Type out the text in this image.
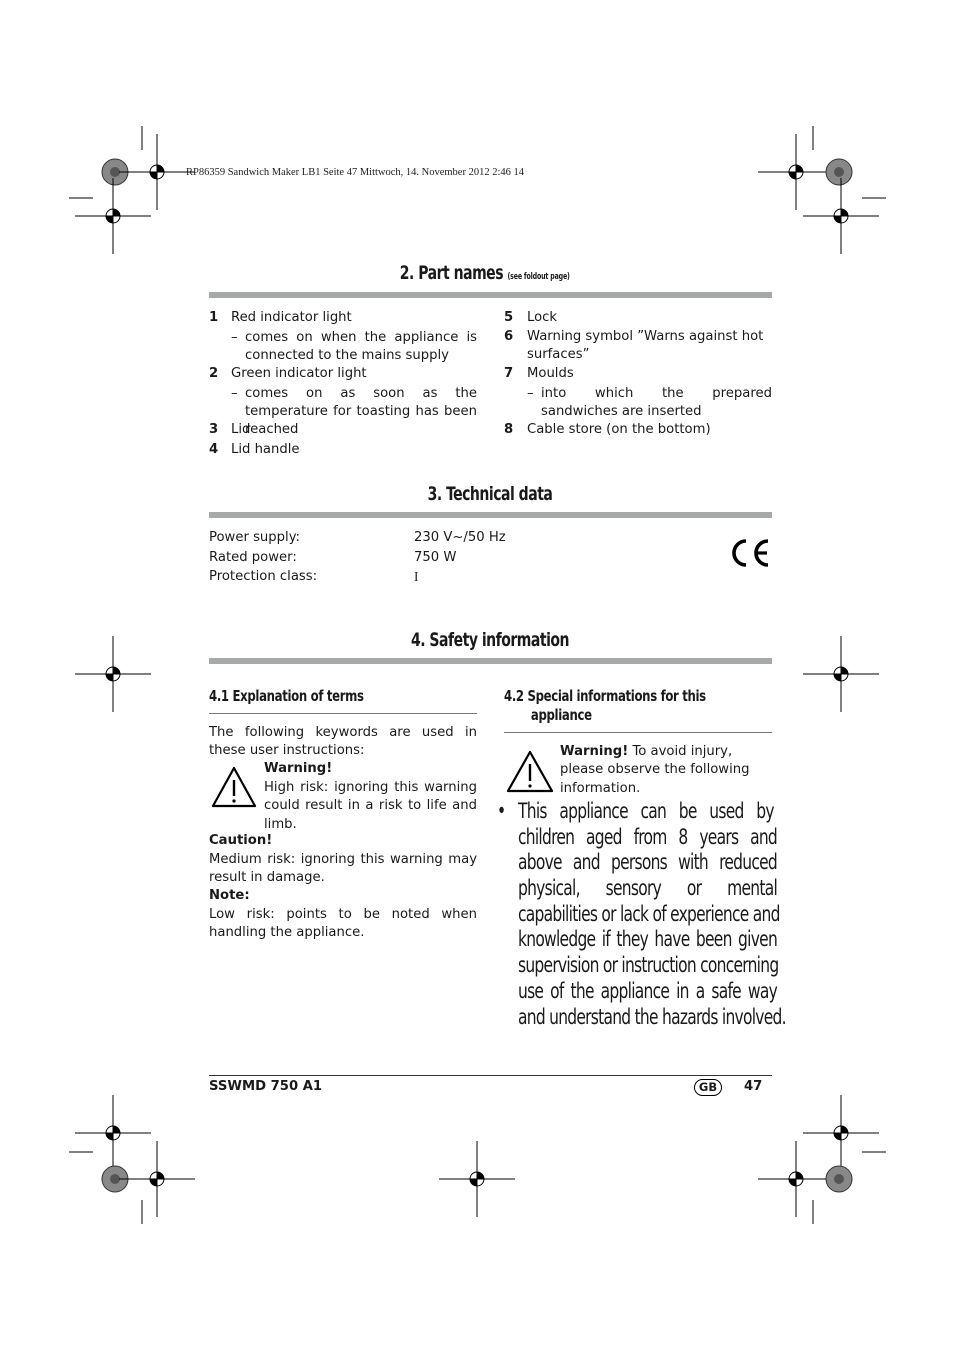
RP86359 Sandwich Maker LB1 Seite 47 Mittwoch, 14. November 2012 2:46 14
2. Part names (see foldout page)
1 Red indicator light
– comes on when the appliance is connected to the mains supply
2 Green indicator light
– comes on as soon as the temperature for toasting has been reached
3 Lid
4 Lid handle
5 Lock
6 Warning symbol ”Warns against hot
surfaces”
7 Moulds
– into which the prepared sandwiches are inserted
8 Cable store (on the bottom)
3. Technical data
Power supply:	230 V~/50 Hz
Rated power:	750 W
Protection class:	I
4. Safety information
4.1 Explanation of terms
The following keywords are used in these user instructions:
Warning!
High risk: ignoring this warning could result in a risk to life and limb.
Caution!
Medium risk: ignoring this warning may result in damage.
Note:
Low risk: points to be noted when handling the appliance.
4.2 Special informations for this
appliance
Warning! To avoid injury, please observe the following information.
• This appliance can be used by
children aged from 8 years and
above and persons with reduced
physical, sensory or mental
capabilities or lack of experience and
knowledge if they have been given
supervision or instruction concerning
use of the appliance in a safe way
and understand the hazards involved.
SSWMD 750 A1	GB	47
